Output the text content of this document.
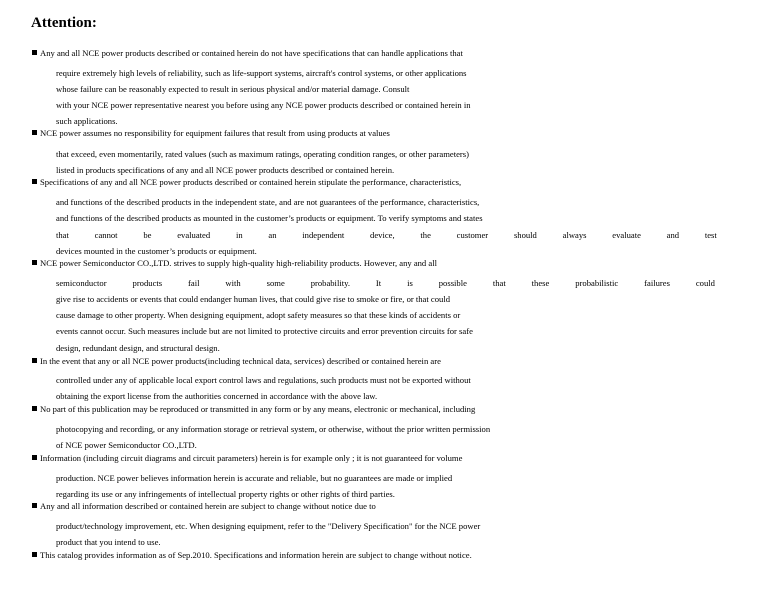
Attention:
Any and all NCE power products described or contained herein do not have specifications that can handle applications that
require extremely high levels of reliability, such as life-support systems, aircraft's control systems, or other applications
whose failure can be reasonably expected to result in serious physical and/or material damage. Consult
with your NCE power representative nearest you before using any NCE power products described or contained herein in
such applications.
NCE power assumes no responsibility for equipment failures that result from using products at values
that exceed, even momentarily, rated values (such as maximum ratings, operating condition ranges, or other parameters)
listed in products specifications of any and all NCE power products described or contained herein.
Specifications of any and all NCE power products described or contained herein stipulate the performance, characteristics,
and functions of the described products in the independent state, and are not guarantees of the performance, characteristics,
and functions of the described products as mounted in the customer’s products or equipment. To verify symptoms and states
that	cannot	be	evaluated	in	an	independent	device,	the	customer	should	always	evaluate	and	test
devices mounted in the customer’s products or equipment.
NCE power Semiconductor CO.,LTD. strives to supply high-quality high-reliability products. However, any and all
semiconductor	products	fail	with	some	probability.	It	is	possible	that	these	probabilistic	failures	could
give rise to accidents or events that could endanger human lives, that could give rise to smoke or fire, or that could
cause damage to other property. When designing equipment, adopt safety measures so that these kinds of accidents or
events cannot occur. Such measures include but are not limited to protective circuits and error prevention circuits for safe
design, redundant design, and structural design.
In the event that any or all NCE power products(including technical data, services) described or contained herein are
controlled under any of applicable local export control laws and regulations, such products must not be exported without
obtaining the export license from the authorities concerned in accordance with the above law.
No part of this publication may be reproduced or transmitted in any form or by any means, electronic or mechanical, including
photocopying and recording, or any information storage or retrieval system, or otherwise, without the prior written permission
of NCE power Semiconductor CO.,LTD.
Information (including circuit diagrams and circuit parameters) herein is for example only ; it is not guaranteed for volume
production. NCE power believes information herein is accurate and reliable, but no guarantees are made or implied
regarding its use or any infringements of intellectual property rights or other rights of third parties.
Any and all information described or contained herein are subject to change without notice due to
product/technology improvement, etc. When designing equipment, refer to the "Delivery Specification" for the NCE power
product that you intend to use.
This catalog provides information as of Sep.2010. Specifications and information herein are subject to change without notice.
